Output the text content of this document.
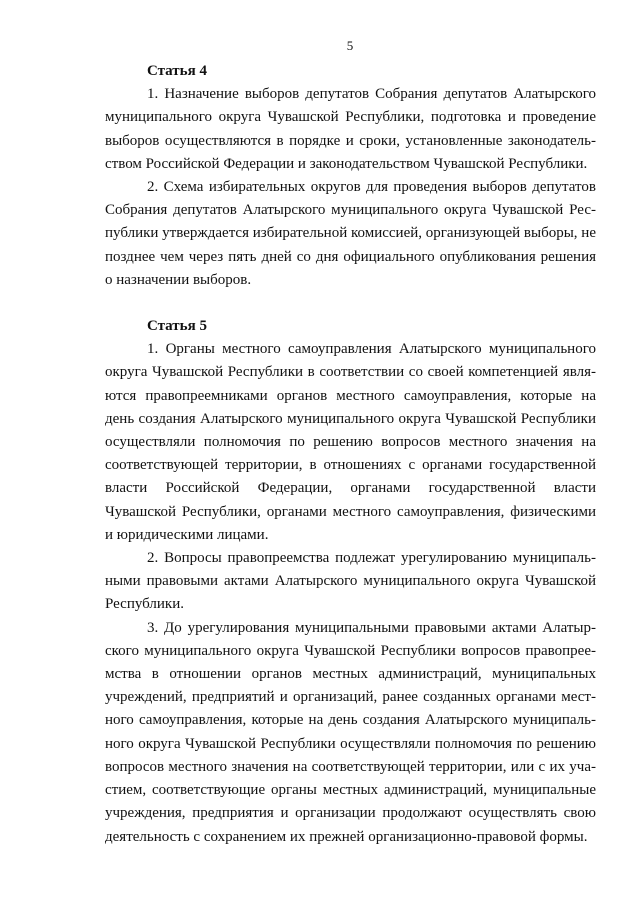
5
Статья 4

1. Назначение выборов депутатов Собрания депутатов Алатырского муниципального округа Чувашской Республики, подготовка и проведение выборов осуществляются в порядке и сроки, установленные законодательством Российской Федерации и законодательством Чувашской Республики.

2. Схема избирательных округов для проведения выборов депутатов Собрания депутатов Алатырского муниципального округа Чувашской Республики утверждается избирательной комиссией, организующей выборы, не позднее чем через пять дней со дня официального опубликования решения о назначении выборов.

Статья 5

1. Органы местного самоуправления Алатырского муниципального округа Чувашской Республики в соответствии со своей компетенцией являются правопреемниками органов местного самоуправления, которые на день создания Алатырского муниципального округа Чувашской Республики осуществляли полномочия по решению вопросов местного значения на соответствующей территории, в отношениях с органами государственной власти Российской Федерации, органами государственной власти Чувашской Республики, органами местного самоуправления, физическими и юридическими лицами.

2. Вопросы правопреемства подлежат урегулированию муниципальными правовыми актами Алатырского муниципального округа Чувашской Республики.

3. До урегулирования муниципальными правовыми актами Алатырского муниципального округа Чувашской Республики вопросов правопреемства в отношении органов местных администраций, муниципальных учреждений, предприятий и организаций, ранее созданных органами местного самоуправления, которые на день создания Алатырского муниципального округа Чувашской Республики осуществляли полномочия по решению вопросов местного значения на соответствующей территории, или с их участием, соответствующие органы местных администраций, муниципальные учреждения, предприятия и организации продолжают осуществлять свою деятельность с сохранением их прежней организационно-правовой формы.
